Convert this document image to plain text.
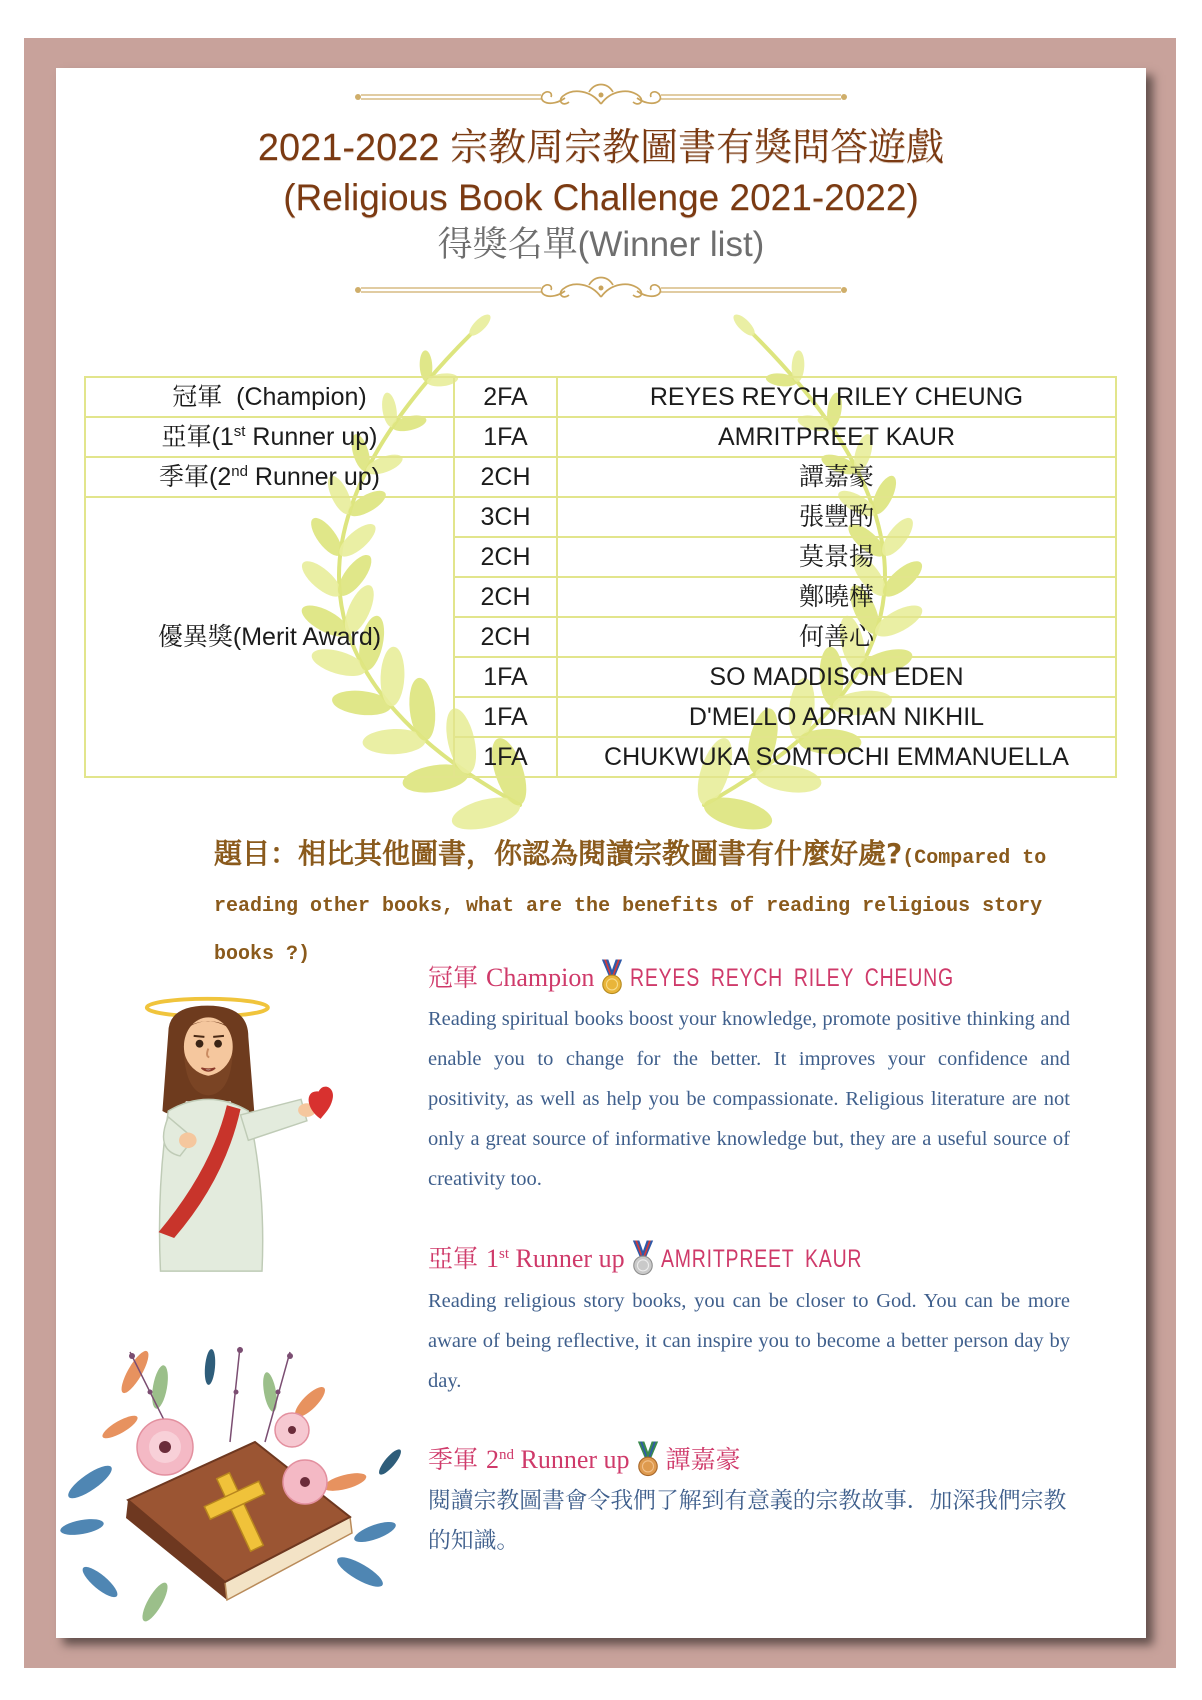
2021-2022 宗教周宗教圖書有獎問答遊戲
(Religious Book Challenge 2021-2022)
得獎名單(Winner list)
冠軍  (Champion)	2FA	REYES REYCH RILEY CHEUNG
亞軍(1st Runner up)	1FA	AMRITPREET KAUR
季軍(2nd Runner up)	2CH	譚嘉豪
優異獎(Merit Award)	3CH	張豐酌
	2CH	莫景揚
	2CH	鄭曉樺
	2CH	何善心
	1FA	SO MADDISON EDEN
	1FA	D'MELLO ADRIAN NIKHIL
	1FA	CHUKWUKA SOMTOCHI EMMANUELLA

題目：相比其他圖書，你認為閱讀宗教圖書有什麼好處?(Compared to reading other books, what are the benefits of reading religious story books ?)

冠軍 Champion REYES REYCH RILEY CHEUNG

Reading spiritual books boost your knowledge, promote positive thinking and enable you to change for the better. It improves your confidence and positivity, as well as help you be compassionate. Religious literature are not only a great source of informative knowledge but, they are a useful source of creativity too.

亞軍 1st Runner up AMRITPREET KAUR

Reading religious story books, you can be closer to God. You can be more aware of being reflective, it can inspire you to become a better person day by day.

季軍 2nd Runner up 譚嘉豪

閱讀宗教圖書會令我們了解到有意義的宗教故事．加深我們宗教的知識。
